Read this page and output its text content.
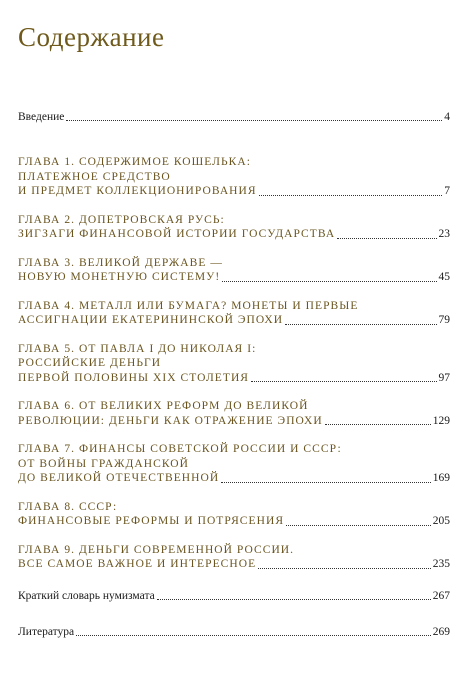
Содержание
Введение	4
ГЛАВА 1. СОДЕРЖИМОЕ КОШЕЛЬКА:
ПЛАТЕЖНОЕ СРЕДСТВО
И ПРЕДМЕТ КОЛЛЕКЦИОНИРОВАНИЯ	7
ГЛАВА 2. ДОПЕТРОВСКАЯ РУСЬ:
ЗИГЗАГИ ФИНАНСОВОЙ ИСТОРИИ ГОСУДАРСТВА	23
ГЛАВА 3. ВЕЛИКОЙ ДЕРЖАВЕ —
НОВУЮ МОНЕТНУЮ СИСТЕМУ!	45
ГЛАВА 4. МЕТАЛЛ ИЛИ БУМАГА? МОНЕТЫ И ПЕРВЫЕ
АССИГНАЦИИ ЕКАТЕРИНИНСКОЙ ЭПОХИ	79
ГЛАВА 5. ОТ ПАВЛА I ДО НИКОЛАЯ I:
РОССИЙСКИЕ ДЕНЬГИ
ПЕРВОЙ ПОЛОВИНЫ XIX СТОЛЕТИЯ	97
ГЛАВА 6. ОТ ВЕЛИКИХ РЕФОРМ ДО ВЕЛИКОЙ
РЕВОЛЮЦИИ: ДЕНЬГИ КАК ОТРАЖЕНИЕ ЭПОХИ	129
ГЛАВА 7. ФИНАНСЫ СОВЕТСКОЙ РОССИИ И СССР:
ОТ ВОЙНЫ ГРАЖДАНСКОЙ
ДО ВЕЛИКОЙ ОТЕЧЕСТВЕННОЙ	169
ГЛАВА 8. СССР:
ФИНАНСОВЫЕ РЕФОРМЫ И ПОТРЯСЕНИЯ	205
ГЛАВА 9. ДЕНЬГИ СОВРЕМЕННОЙ РОССИИ.
ВСЕ САМОЕ ВАЖНОЕ И ИНТЕРЕСНОЕ	235
Краткий словарь нумизмата	267
Литература	269
